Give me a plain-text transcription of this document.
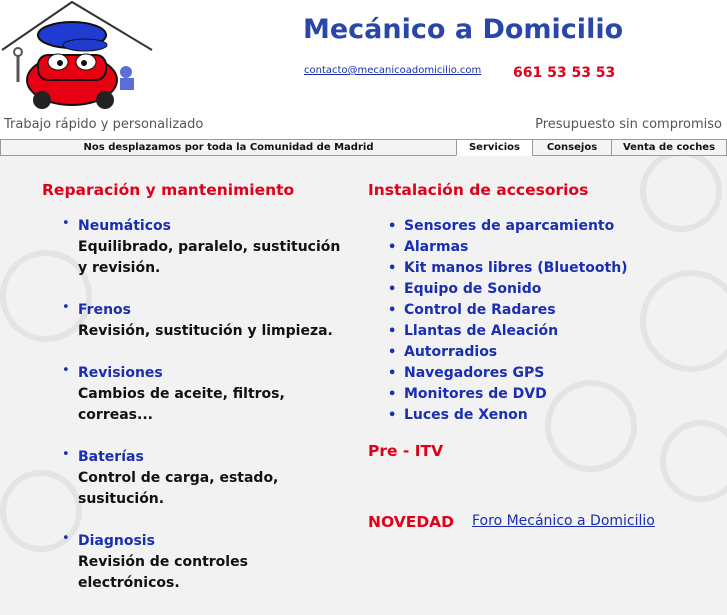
Mecánico a Domicilio
contacto@mecanicoadomicilio.com 661 53 53 53
Trabajo rápido y personalizado	Presupuesto sin compromiso
Nos desplazamos por toda la Comunidad de Madrid	Servicios	Consejos	Venta de coches
Reparación y mantenimiento
• Neumáticos
Equilibrado, paralelo, sustitución y revisión.
• Frenos
Revisión, sustitución y limpieza.
• Revisiones
Cambios de aceite, filtros, correas...
• Baterías
Control de carga, estado, susitución.
• Diagnosis
Revisión de controles electrónicos.
Instalación de accesorios
• Sensores de aparcamiento
• Alarmas
• Kit manos libres (Bluetooth)
• Equipo de Sonido
• Control de Radares
• Llantas de Aleación
• Autorradios
• Navegadores GPS
• Monitores de DVD
• Luces de Xenon
Pre - ITV
NOVEDAD Foro Mecánico a Domicilio
